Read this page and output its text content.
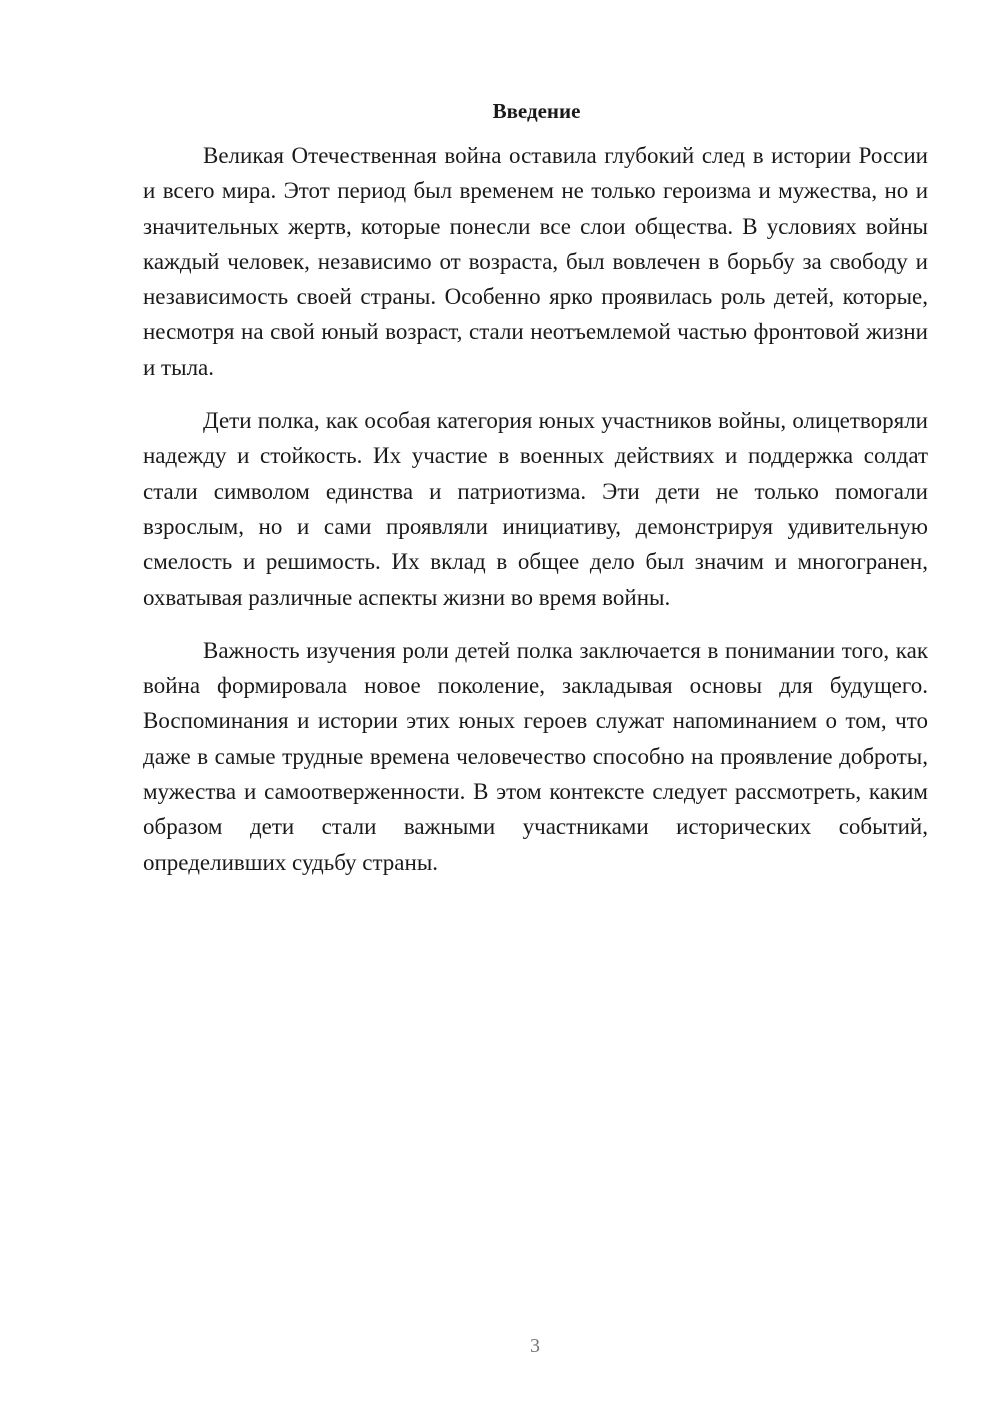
Введение

Великая Отечественная война оставила глубокий след в истории России и всего мира. Этот период был временем не только героизма и мужества, но и значительных жертв, которые понесли все слои общества. В условиях войны каждый человек, независимо от возраста, был вовлечен в борьбу за свободу и независимость своей страны. Особенно ярко проявилась роль детей, которые, несмотря на свой юный возраст, стали неотъемлемой частью фронтовой жизни и тыла.

Дети полка, как особая категория юных участников войны, олицетворяли надежду и стойкость. Их участие в военных действиях и поддержка солдат стали символом единства и патриотизма. Эти дети не только помогали взрослым, но и сами проявляли инициативу, демонстрируя удивительную смелость и решимость. Их вклад в общее дело был значим и многогранен, охватывая различные аспекты жизни во время войны.

Важность изучения роли детей полка заключается в понимании того, как война формировала новое поколение, закладывая основы для будущего. Воспоминания и истории этих юных героев служат напоминанием о том, что даже в самые трудные времена человечество способно на проявление доброты, мужества и самоотверженности. В этом контексте следует рассмотреть, каким образом дети стали важными участниками исторических событий, определивших судьбу страны.

3
